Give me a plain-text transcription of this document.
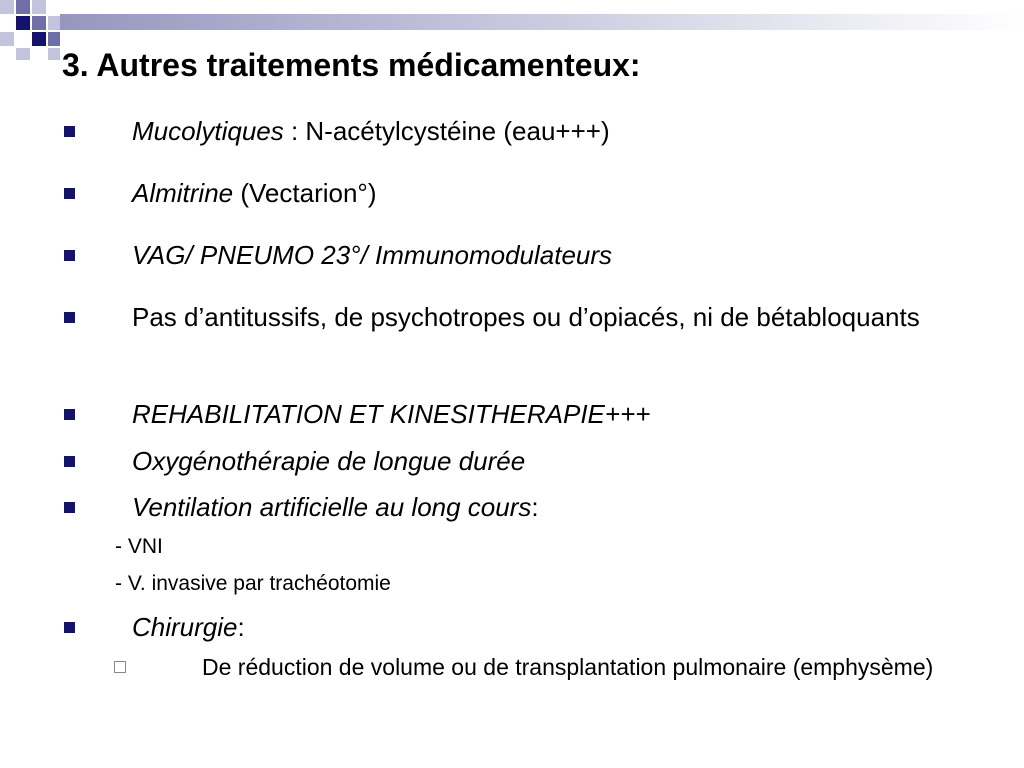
3. Autres traitements médicamenteux:
Mucolytiques : N-acétylcystéine (eau+++)
Almitrine (Vectarion°)
VAG/ PNEUMO 23°/ Immunomodulateurs
Pas d’antitussifs, de psychotropes ou d’opiacés, ni de bétabloquants
REHABILITATION ET KINESITHERAPIE+++
Oxygénothérapie de longue durée
Ventilation artificielle au long cours:
- VNI
- V. invasive par trachéotomie
Chirurgie:
De réduction de volume ou de transplantation pulmonaire (emphysème)
